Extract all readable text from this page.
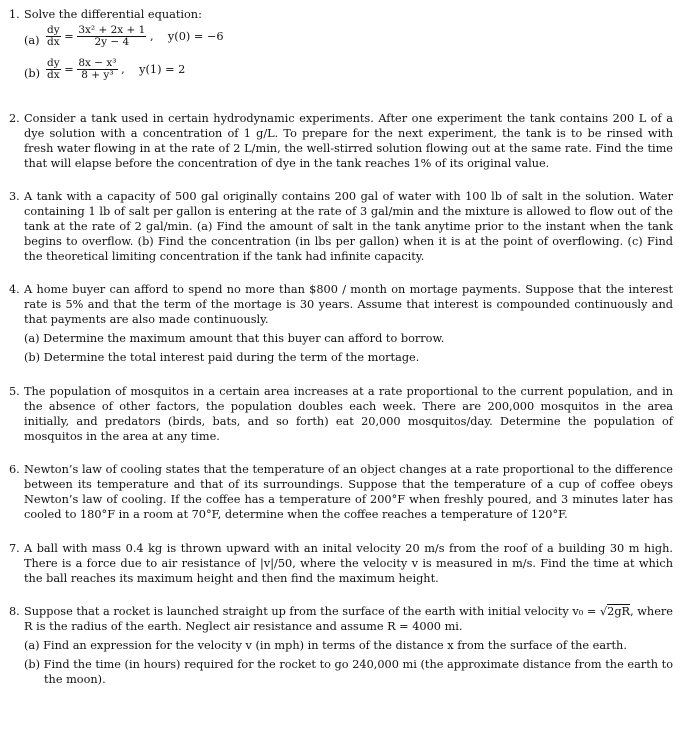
1. Solve the differential equation:
$(a) \frac{dy}{dx} = \frac{\text{3x² + 2x + 1}}{2y - 4}$ ,    y(0) = −6
$(b) \frac{dy}{dx} = \frac{\text{8x − x³}}{\text{8 + y³}}$ ,    y(1) = 2
2. Consider a tank used in certain hydrodynamic experiments. After one experiment the tank contains 200 L of a dye solution with a concentration of 1 g/L. To prepare for the next experiment, the tank is to be rinsed with fresh water flowing in at the rate of 2 L/min, the well-stirred solution flowing out at the same rate. Find the time that will elapse before the concentration of dye in the tank reaches 1% of its original value.
3. A tank with a capacity of 500 gal originally contains 200 gal of water with 100 lb of salt in the solution. Water containing 1 lb of salt per gallon is entering at the rate of 3 gal/min and the mixture is allowed to flow out of the tank at the rate of 2 gal/min. (a) Find the amount of salt in the tank anytime prior to the instant when the tank begins to overflow. (b) Find the concentration (in lbs per gallon) when it is at the point of overflowing. (c) Find the theoretical limiting concentration if the tank had infinite capacity.
4. A home buyer can afford to spend no more than $800 / month on mortage payments. Suppose that the interest rate is 5% and that the term of the mortage is 30 years. Assume that interest is compounded continuously and that payments are also made continuously.
(a) Determine the maximum amount that this buyer can afford to borrow.
(b) Determine the total interest paid during the term of the mortage.
5. The population of mosquitos in a certain area increases at a rate proportional to the current population, and in the absence of other factors, the population doubles each week. There are 200,000 mosquitos in the area initially, and predators (birds, bats, and so forth) eat 20,000 mosquitos/day. Determine the population of mosquitos in the area at any time.
6. Newton’s law of cooling states that the temperature of an object changes at a rate proportional to the difference between its temperature and that of its surroundings. Suppose that the temperature of a cup of coffee obeys Newton’s law of cooling. If the coffee has a temperature of 200°F when freshly poured, and 3 minutes later has cooled to 180°F in a room at 70°F, determine when the coffee reaches a temperature of 120°F.
7. A ball with mass 0.4 kg is thrown upward with an inital velocity 20 m/s from the roof of a building 30 m high. There is a force due to air resistance of |v|/50, where the velocity v is measured in m/s. Find the time at which the ball reaches its maximum height and then find the maximum height.
8. Suppose that a rocket is launched straight up from the surface of the earth with initial velocity v₀ = √2gR, where R is the radius of the earth. Neglect air resistance and assume R = 4000 mi.
(a) Find an expression for the velocity v (in mph) in terms of the distance x from the surface of the earth.
(b) Find the time (in hours) required for the rocket to go 240,000 mi (the approximate distance from the earth to the moon).
